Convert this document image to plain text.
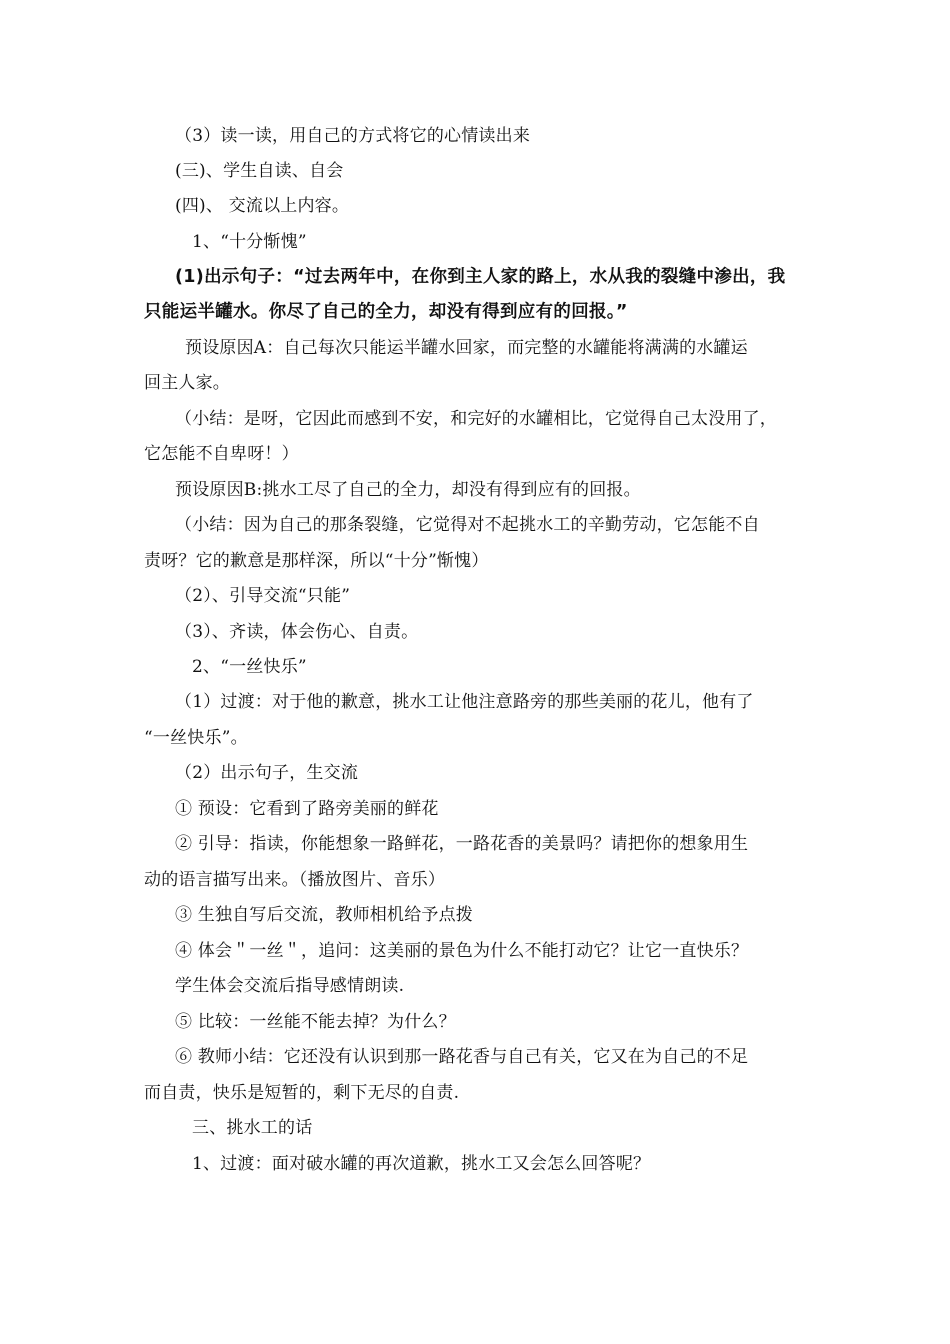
（3）读一读，用自己的方式将它的心情读出来
(三)、学生自读、自会
(四)、 交流以上内容。
1、“十分惭愧”
(1)出示句子：“过去两年中，在你到主人家的路上，水从我的裂缝中渗出，我
只能运半罐水。你尽了自己的全力，却没有得到应有的回报。”
预设原因A：自己每次只能运半罐水回家，而完整的水罐能将满满的水罐运
回主人家。
（小结：是呀，它因此而感到不安，和完好的水罐相比，它觉得自己太没用了，
它怎能不自卑呀！）
预设原因B:挑水工尽了自己的全力，却没有得到应有的回报。
（小结：因为自己的那条裂缝，它觉得对不起挑水工的辛勤劳动，它怎能不自
责呀？它的歉意是那样深，所以“十分”惭愧）
（2）、引导交流“只能”
（3）、齐读，体会伤心、自责。
2、“一丝快乐”
（1）过渡：对于他的歉意，挑水工让他注意路旁的那些美丽的花儿，他有了
“一丝快乐”。
（2）出示句子，生交流
① 预设：它看到了路旁美丽的鲜花
② 引导：指读，你能想象一路鲜花，一路花香的美景吗？请把你的想象用生
动的语言描写出来。（播放图片、音乐）
③ 生独自写后交流，教师相机给予点拨
④ 体会＂一丝＂，追问：这美丽的景色为什么不能打动它？让它一直快乐？
学生体会交流后指导感情朗读.
⑤ 比较：一丝能不能去掉？为什么？
⑥ 教师小结：它还没有认识到那一路花香与自己有关，它又在为自己的不足
而自责，快乐是短暂的，剩下无尽的自责.
三、挑水工的话
1、过渡：面对破水罐的再次道歉，挑水工又会怎么回答呢？
